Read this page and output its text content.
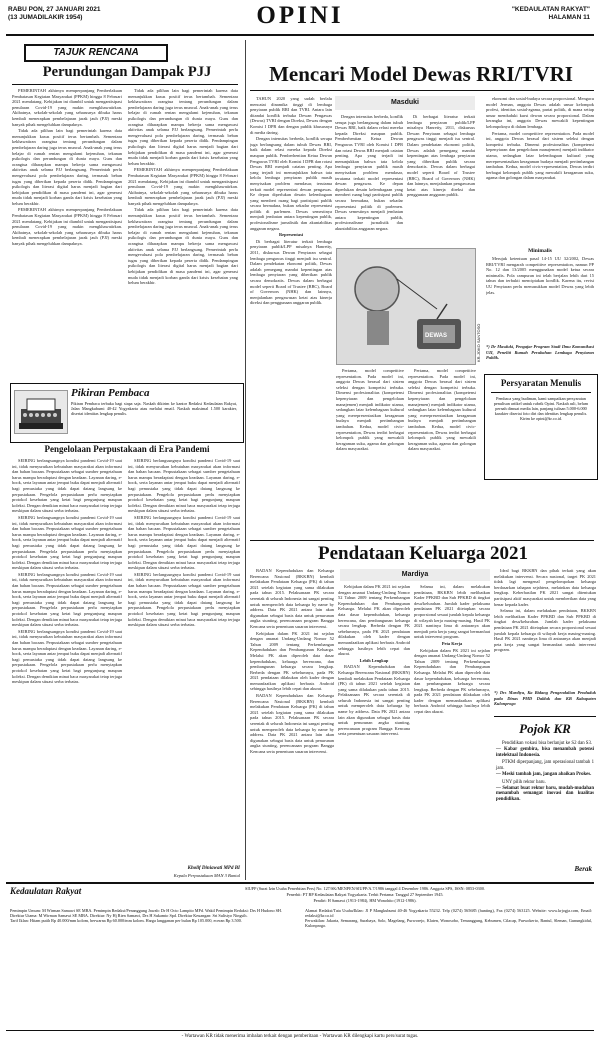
RABU PON, 27 JANUARI 2021
(13 JUMADILAKIR 1954)	OPINI	"KEDAULATAN RAKYAT"
HALAMAN 11
TAJUK RENCANA
Perundungan Dampak PJJ

PEMERINTAH akhirnya memperpanjang Pemberlakuan Pembatasan Kegiatan Masyarakat (PPKM) hingga 8 Februari 2021 mendatang. Kebijakan ini diambil untuk mengantisipasi penularan Covid-19 yang makin mengkhawatirkan. Akibatnya, sekolah-sekolah yang seharusnya dibuka harus kembali menerapkan pembelajaran jarak jauh (PJJ) meski banyak pihak mengeluhkan dampaknya.

Tidak ada pilihan lain bagi pemerintah karena data menunjukkan kasus positif terus bertambah. Sementara kekhawatiran orangtua tentang perundungan dalam pembelajaran daring juga terus muncul. Anak-anak yang terus belajar di rumah rentan mengalami kejenuhan, tekanan psikologis dan perundungan di dunia maya. Guru dan orangtua diharapkan mampu bekerja sama mengawasi aktivitas anak selama PJJ berlangsung. Pemerintah perlu mengevaluasi pola pembelajaran daring, termasuk beban tugas yang diberikan kepada peserta didik. Pendampingan psikologis dan literasi digital harus menjadi bagian dari kebijakan pendidikan di masa pandemi ini, agar generasi muda tidak menjadi korban ganda dari krisis kesehatan yang belum berakhir.

PEMERINTAH akhirnya memperpanjang Pemberlakuan Pembatasan Kegiatan Masyarakat (PPKM) hingga 8 Februari 2021 mendatang. Kebijakan ini diambil untuk mengantisipasi penularan Covid-19 yang makin mengkhawatirkan. Akibatnya, sekolah-sekolah yang seharusnya dibuka harus kembali menerapkan pembelajaran jarak jauh (PJJ) meski banyak pihak mengeluhkan dampaknya.

Tidak ada pilihan lain bagi pemerintah karena data menunjukkan kasus positif terus bertambah. Sementara kekhawatiran orangtua tentang perundungan dalam pembelajaran daring juga terus muncul. Anak-anak yang terus belajar di rumah rentan mengalami kejenuhan, tekanan psikologis dan perundungan di dunia maya. Guru dan orangtua diharapkan mampu bekerja sama mengawasi aktivitas anak selama PJJ berlangsung. Pemerintah perlu mengevaluasi pola pembelajaran daring, termasuk beban tugas yang diberikan kepada peserta didik. Pendampingan psikologis dan literasi digital harus menjadi bagian dari kebijakan pendidikan di masa pandemi ini, agar generasi muda tidak menjadi korban ganda dari krisis kesehatan yang belum berakhir.

PEMERINTAH akhirnya memperpanjang Pemberlakuan Pembatasan Kegiatan Masyarakat (PPKM) hingga 8 Februari 2021 mendatang. Kebijakan ini diambil untuk mengantisipasi penularan Covid-19 yang makin mengkhawatirkan. Akibatnya, sekolah-sekolah yang seharusnya dibuka harus kembali menerapkan pembelajaran jarak jauh (PJJ) meski banyak pihak mengeluhkan dampaknya.

Tidak ada pilihan lain bagi pemerintah karena data menunjukkan kasus positif terus bertambah. Sementara kekhawatiran orangtua tentang perundungan dalam pembelajaran daring juga terus muncul. Anak-anak yang terus belajar di rumah rentan mengalami kejenuhan, tekanan psikologis dan perundungan di dunia maya. Guru dan orangtua diharapkan mampu bekerja sama mengawasi aktivitas anak selama PJJ berlangsung. Pemerintah perlu mengevaluasi pola pembelajaran daring, termasuk beban tugas yang diberikan kepada peserta didik. Pendampingan psikologis dan literasi digital harus menjadi bagian dari kebijakan pendidikan di masa pandemi ini, agar generasi muda tidak menjadi korban ganda dari krisis kesehatan yang belum berakhir.

Pikiran Pembaca
Pikiran Pembaca terbuka bagi siapa saja. Naskah dikirim ke kantor Redaksi Kedaulatan Rakyat, Jalan Mangkubumi 40-42 Yogyakarta atau melalui email. Naskah maksimal 1.500 karakter, disertai identitas lengkap penulis.
Pengelolaan Perpustakaan di Era Pandemi

SEIRING berlangsungnya kondisi pandemi Covid-19 saat ini, tidak menyurutkan kebutuhan masyarakat akan informasi dan bahan bacaan. Perpustakaan sebagai sumber pengetahuan harus mampu beradaptasi dengan keadaan. Layanan daring, e-book, serta layanan antar jemput buku dapat menjadi alternatif bagi pemustaka yang tidak dapat datang langsung ke perpustakaan. Pengelola perpustakaan perlu menyiapkan protokol kesehatan yang ketat bagi pengunjung maupun koleksi. Dengan demikian minat baca masyarakat tetap terjaga meskipun dalam situasi serba terbatas.

SEIRING berlangsungnya kondisi pandemi Covid-19 saat ini, tidak menyurutkan kebutuhan masyarakat akan informasi dan bahan bacaan. Perpustakaan sebagai sumber pengetahuan harus mampu beradaptasi dengan keadaan. Layanan daring, e-book, serta layanan antar jemput buku dapat menjadi alternatif bagi pemustaka yang tidak dapat datang langsung ke perpustakaan. Pengelola perpustakaan perlu menyiapkan protokol kesehatan yang ketat bagi pengunjung maupun koleksi. Dengan demikian minat baca masyarakat tetap terjaga meskipun dalam situasi serba terbatas.

SEIRING berlangsungnya kondisi pandemi Covid-19 saat ini, tidak menyurutkan kebutuhan masyarakat akan informasi dan bahan bacaan. Perpustakaan sebagai sumber pengetahuan harus mampu beradaptasi dengan keadaan. Layanan daring, e-book, serta layanan antar jemput buku dapat menjadi alternatif bagi pemustaka yang tidak dapat datang langsung ke perpustakaan. Pengelola perpustakaan perlu menyiapkan protokol kesehatan yang ketat bagi pengunjung maupun koleksi. Dengan demikian minat baca masyarakat tetap terjaga meskipun dalam situasi serba terbatas.

SEIRING berlangsungnya kondisi pandemi Covid-19 saat ini, tidak menyurutkan kebutuhan masyarakat akan informasi dan bahan bacaan. Perpustakaan sebagai sumber pengetahuan harus mampu beradaptasi dengan keadaan. Layanan daring, e-book, serta layanan antar jemput buku dapat menjadi alternatif bagi pemustaka yang tidak dapat datang langsung ke perpustakaan. Pengelola perpustakaan perlu menyiapkan protokol kesehatan yang ketat bagi pengunjung maupun koleksi. Dengan demikian minat baca masyarakat tetap terjaga meskipun dalam situasi serba terbatas.

SEIRING berlangsungnya kondisi pandemi Covid-19 saat ini, tidak menyurutkan kebutuhan masyarakat akan informasi dan bahan bacaan. Perpustakaan sebagai sumber pengetahuan harus mampu beradaptasi dengan keadaan. Layanan daring, e-book, serta layanan antar jemput buku dapat menjadi alternatif bagi pemustaka yang tidak dapat datang langsung ke perpustakaan. Pengelola perpustakaan perlu menyiapkan protokol kesehatan yang ketat bagi pengunjung maupun koleksi. Dengan demikian minat baca masyarakat tetap terjaga meskipun dalam situasi serba terbatas.

SEIRING berlangsungnya kondisi pandemi Covid-19 saat ini, tidak menyurutkan kebutuhan masyarakat akan informasi dan bahan bacaan. Perpustakaan sebagai sumber pengetahuan harus mampu beradaptasi dengan keadaan. Layanan daring, e-book, serta layanan antar jemput buku dapat menjadi alternatif bagi pemustaka yang tidak dapat datang langsung ke perpustakaan. Pengelola perpustakaan perlu menyiapkan protokol kesehatan yang ketat bagi pengunjung maupun koleksi. Dengan demikian minat baca masyarakat tetap terjaga meskipun dalam situasi serba terbatas.

SEIRING berlangsungnya kondisi pandemi Covid-19 saat ini, tidak menyurutkan kebutuhan masyarakat akan informasi dan bahan bacaan. Perpustakaan sebagai sumber pengetahuan harus mampu beradaptasi dengan keadaan. Layanan daring, e-book, serta layanan antar jemput buku dapat menjadi alternatif bagi pemustaka yang tidak dapat datang langsung ke perpustakaan. Pengelola perpustakaan perlu menyiapkan protokol kesehatan yang ketat bagi pengunjung maupun koleksi. Dengan demikian minat baca masyarakat tetap terjaga meskipun dalam situasi serba terbatas.

Kholif Diniawati MPd BI
Kepala Perpustakaan MAN 3 Bantul
Mencari Model Dewas RRI/TVRI

TAHUN 2020 yang sudah berlalu mencatat dinamika tinggi di lembaga penyiaran publik RRI dan TVRI. Antara lain ditandai konflik terbuka Dewan Pengawas (Dewas) TVRI dengan Direksi, Dewas dengan Komisi I DPR dan dengan publik khususnya di media daring.

Dengan intensitas berbeda, konflik serupa juga berlangsung dalam tubuh Dewas RRI, baik dalam relasi mereka kepada Direksi maupun publik. Pemberhentian Ketua Dewan Pengawas TVRI oleh Komisi I DPR dan rotasi Dewas RRI menjadi catatan penting. Apa yang terjadi ini menunjukkan bahwa tata kelola lembaga penyiaran publik masih menyisakan problem mendasar, terutama terkait model representasi dewan pengawas. Ke depan diperlukan desain kelembagaan yang memberi ruang bagi partisipasi publik secara bermakna, bukan sekadar representasi politik di parlemen. Dewas semestinya menjadi jembatan antara kepentingan publik, profesionalisme jurnalistik dan akuntabilitas anggaran negara.

Representasi

Di berbagai literatur terkait lembaga penyiaran publik/LPP misalnya Hanretty, 2011, diskursus Dewan Penyiaran sebagai lembaga pengawas tinggi menjadi isu sentral. Dalam pendekatan ekonomi politik, Dewas adalah pemegang mandat kepentingan atas lembaga penyiaran yang diberikan publik secara demokratis. Dewas dalam berbagai model seperti Board of Trustee (BBC), Board of Governors (NHK) dan lainnya, menjalankan pengawasan ketat atas kinerja direksi dan penggunaan anggaran publik.

Masduki

Dengan intensitas berbeda, konflik serupa juga berlangsung dalam tubuh Dewas RRI, baik dalam relasi mereka kepada Direksi maupun publik. Pemberhentian Ketua Dewan Pengawas TVRI oleh Komisi I DPR dan rotasi Dewas RRI menjadi catatan penting. Apa yang terjadi ini menunjukkan bahwa tata kelola lembaga penyiaran publik masih menyisakan problem mendasar, terutama terkait model representasi dewan pengawas. Ke depan diperlukan desain kelembagaan yang memberi ruang bagi partisipasi publik secara bermakna, bukan sekadar representasi politik di parlemen. Dewas semestinya menjadi jembatan antara kepentingan publik, profesionalisme jurnalistik dan akuntabilitas anggaran negara.

Di berbagai literatur terkait lembaga penyiaran publik/LPP misalnya Hanretty, 2011, diskursus Dewan Penyiaran sebagai lembaga pengawas tinggi menjadi isu sentral. Dalam pendekatan ekonomi politik, Dewas adalah pemegang mandat kepentingan atas lembaga penyiaran yang diberikan publik secara demokratis. Dewas dalam berbagai model seperti Board of Trustee (BBC), Board of Governors (NHK) dan lainnya, menjalankan pengawasan ketat atas kinerja direksi dan penggunaan anggaran publik.

DEWAS	KR-JOKO SANTOSO

Pertama, model competitive representation. Pada model ini, anggota Dewas berasal dari sistem seleksi dengan kompetisi terbuka. Dimensi profesionalitas (kompetensi kepenyiaran dan pengelolaan manajemen) menjadi indikator utama, sedangkan latar kelembagaan kultural yang merepresentasikan keragaman budaya menjadi pertimbangan tambahan. Kedua, model civic-representation, Dewas terdiri berbagai kelompok publik yang mewakili keragaman suku, agama dan golongan dalam masyarakat.

Pertama, model competitive representation. Pada model ini, anggota Dewas berasal dari sistem seleksi dengan kompetisi terbuka. Dimensi profesionalitas (kompetensi kepenyiaran dan pengelolaan manajemen) menjadi indikator utama, sedangkan latar kelembagaan kultural yang merepresentasikan keragaman budaya menjadi pertimbangan tambahan. Kedua, model civic-representation, Dewas terdiri berbagai kelompok publik yang mewakili keragaman suku, agama dan golongan dalam masyarakat.

ekonomi dan sosial-budaya secara proporsional. Mengacu model Jerman, anggota Dewas adalah unsur kelompok profesi, identitas sosial-agama, partai politik, di mana setiap unsur menduduki kursi dewan secara proporsional. Dalam kerangka ini, anggota Dewas mewakili kepentingan kelompoknya di dalam lembaga.

Pertama, model competitive representation. Pada model ini, anggota Dewas berasal dari sistem seleksi dengan kompetisi terbuka. Dimensi profesionalitas (kompetensi kepenyiaran dan pengelolaan manajemen) menjadi indikator utama, sedangkan latar kelembagaan kultural yang merepresentasikan keragaman budaya menjadi pertimbangan tambahan. Kedua, model civic-representation, Dewas terdiri berbagai kelompok publik yang mewakili keragaman suku, agama dan golongan dalam masyarakat.

Minimalis

Merujuk ketentuan pasal 14-15 UU 32/2002, Dewas RRI/TVRI mengarah competitive representation, namun PP No. 12 dan 13/2005 menggunakan model ketua secara minimalis. Pola campuran ini telah berjalan lebih dari 15 tahun dan terbukti menciptakan konflik. Karena itu, revisi UU Penyiaran perlu memasukkan model Dewas yang lebih jelas.

*) Dr Masduki, Pengajar Program Studi Ilmu Komunikasi UII, Peneliti Rumah Perubahan Lembaga Penyiaran Publik.
Persyaratan Menulis
Pembaca yang budiman, kami sampaikan persyaratan penulisan artikel untuk rubrik Opini. Naskah asli, belum pernah dimuat media lain, panjang tulisan 5.000-6.000 karakter disertai foto diri dan identitas lengkap penulis. Kirim ke opini@kr.co.id.
Pendataan Keluarga 2021
Mardiya

BADAN Kependudukan dan Keluarga Berencana Nasional (BKKBN) kembali melakukan Pendataan Keluarga (PK) di tahun 2021 setelah kegiatan yang sama dilakukan pada tahun 2015. Pelaksanaan PK secara serentak di seluruh Indonesia ini sangat penting untuk memperoleh data keluarga by name by address. Data PK 2021 antara lain akan digunakan sebagai basis data untuk penurunan angka stunting, perencanaan program Bangga Kencana serta penentuan sasaran intervensi.

Kebijakan dalam PK 2021 ini sejalan dengan amanat Undang-Undang Nomor 52 Tahun 2009 tentang Perkembangan Kependudukan dan Pembangunan Keluarga. Melalui PK akan diperoleh data dasar kependudukan, keluarga berencana, dan pembangunan keluarga secara lengkap. Berbeda dengan PK sebelumnya, pada PK 2021 pendataan dilakukan oleh kader dengan memanfaatkan aplikasi berbasis Android sehingga hasilnya lebih cepat dan akurat.

BADAN Kependudukan dan Keluarga Berencana Nasional (BKKBN) kembali melakukan Pendataan Keluarga (PK) di tahun 2021 setelah kegiatan yang sama dilakukan pada tahun 2015. Pelaksanaan PK secara serentak di seluruh Indonesia ini sangat penting untuk memperoleh data keluarga by name by address. Data PK 2021 antara lain akan digunakan sebagai basis data untuk penurunan angka stunting, perencanaan program Bangga Kencana serta penentuan sasaran intervensi.

Kebijakan dalam PK 2021 ini sejalan dengan amanat Undang-Undang Nomor 52 Tahun 2009 tentang Perkembangan Kependudukan dan Pembangunan Keluarga. Melalui PK akan diperoleh data dasar kependudukan, keluarga berencana, dan pembangunan keluarga secara lengkap. Berbeda dengan PK sebelumnya, pada PK 2021 pendataan dilakukan oleh kader dengan memanfaatkan aplikasi berbasis Android sehingga hasilnya lebih cepat dan akurat.

Lebih Lengkap

BADAN Kependudukan dan Keluarga Berencana Nasional (BKKBN) kembali melakukan Pendataan Keluarga (PK) di tahun 2021 setelah kegiatan yang sama dilakukan pada tahun 2015. Pelaksanaan PK secara serentak di seluruh Indonesia ini sangat penting untuk memperoleh data keluarga by name by address. Data PK 2021 antara lain akan digunakan sebagai basis data untuk penurunan angka stunting, perencanaan program Bangga Kencana serta penentuan sasaran intervensi.

Selama ini, dalam melakukan pendataan, BKKBN lebih melibatkan Kader PPKBD dan Sub PPKBD di tingkat desa/kelurahan. Jumlah kader pelaksana pendataan PK 2021 ditetapkan secara proporsional sesuai jumlah kepala keluarga di wilayah kerja masing-masing. Hasil PK 2021 nantinya lima di antaranya akan menjadi peta kerja yang sangat bermanfaat untuk intervensi program.

Peta Kerja

Kebijakan dalam PK 2021 ini sejalan dengan amanat Undang-Undang Nomor 52 Tahun 2009 tentang Perkembangan Kependudukan dan Pembangunan Keluarga. Melalui PK akan diperoleh data dasar kependudukan, keluarga berencana, dan pembangunan keluarga secara lengkap. Berbeda dengan PK sebelumnya, pada PK 2021 pendataan dilakukan oleh kader dengan memanfaatkan aplikasi berbasis Android sehingga hasilnya lebih cepat dan akurat.

Ideal bagi BKKBN dan pihak terkait yang akan melakukan intervensi. Secara nasional, target PK 2021 tidak lagi mengenal pengelompokan keluarga berdasarkan tahapan sejahtera, melainkan data keluarga lengkap. Keberhasilan PK 2021 sangat ditentukan partisipasi aktif masyarakat untuk memberikan data yang benar kepada kader.

Selama ini, dalam melakukan pendataan, BKKBN lebih melibatkan Kader PPKBD dan Sub PPKBD di tingkat desa/kelurahan. Jumlah kader pelaksana pendataan PK 2021 ditetapkan secara proporsional sesuai jumlah kepala keluarga di wilayah kerja masing-masing. Hasil PK 2021 nantinya lima di antaranya akan menjadi peta kerja yang sangat bermanfaat untuk intervensi program.

*) Drs Mardiya, Ka Bidang Pengendalian Penduduk pada Dinas PMD Dalduk dan KB Kabupaten Kulonprogo
Pojok KR
Pendidikan vokasi bisa berlanjut ke S2 dan S3.
— Kabar gembira, bisa menambah potensi intelektual Indonesia.
PTKM diperpanjang, jam operasional tambah 1 jam.
— Meski tambah jam, jangan abaikan Prokes.
UNY pilih rektor baru.
— Selamat buat rektor baru, mudah-mudahan menambah semangat inovasi dan kualitas pendidikan.
Berak
Kedaulatan Rakyat	SIUPP (Surat Izin Usaha Penerbitan Pers) No. 127/SK/MENPEN/SIUPP/A.7/1986 tanggal 4 Desember 1986. Anggota SPS, ISSN: 0853-0300.
Penerbit: PT BP Kedaulatan Rakyat Yogyakarta. Terbit Pertama: Tanggal 27 September 1945.
Pendiri: H Samawi (1913-1984), HM Wonohito (1912-1986).
Pemimpin Umum: M Wirman Samawi SE MBA. Pemimpin Redaksi/Penanggung Jawab: Dr H Octo Lampito MPd. Wakil Pemimpin Redaksi: Drs H Hudono SH.
Direktur Utama: M Wirman Samawi SE MBA. Direktur: Ny Hj Rien Samawi, Drs H Sukamto Spd. Direktur Keuangan: Sri Sulistyo Ningsih.
Tarif Iklan: Hitam putih Rp 40.000/mm kolom, berwarna Rp 60.000/mm kolom. Harga langganan per bulan Rp 105.000, eceran Rp 3.500.
Alamat Redaksi/Tata Usaha/Iklan: Jl P Mangkubumi 40-46 Yogyakarta 55232. Telp (0274) 565685 (hunting), Fax (0274) 563125. Website: www.krjogja.com, Email: redaksi@kr.co.id
Perwakilan: Jakarta, Semarang, Surabaya, Solo, Magelang, Purworejo, Klaten, Wonosobo, Temanggung, Kebumen, Cilacap, Purwokerto, Bantul, Sleman, Gunungkidul, Kulonprogo.
- Wartawan KR tidak menerima imbalan terkait dengan pemberitaan - Wartawan KR dilengkapi kartu pers/surat tugas.
